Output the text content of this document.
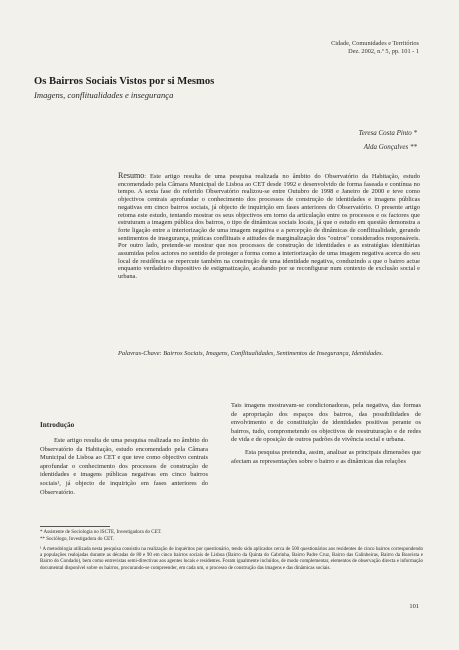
Cidade, Comunidades e Territórios
Dez. 2002, n.º 5, pp. 101 - 1
Os Bairros Sociais Vistos por si Mesmos
Imagens, conflitualidades e insegurança
Teresa Costa Pinto *
Alda Gonçalves **
Resumo: Este artigo resulta de uma pesquisa realizada no âmbito do Observatório da Habitação, estudo encomendado pela Câmara Municipal de Lisboa ao CET desde 1992 e desenvolvido de forma faseada e contínua no tempo. A sexta fase do referido Observatório realizou-se entre Outubro de 1998 e Janeiro de 2000 e teve como objectivos centrais aprofundar o conhecimento dos processos de construção de identidades e imagens públicas negativas em cinco bairros sociais, já objecto de inquirição em fases anteriores do Observatório. O presente artigo retoma este estudo, tentando mostrar os seus objectivos em torno da articulação entre os processos e os factores que estruturam a imagem pública dos bairros, o tipo de dinâmicas sociais locais, já que o estudo em questão demonstra a forte ligação entre a interiorização de uma imagem negativa e a percepção de dinâmicas de conflitualidade, gerando sentimentos de insegurança, práticas conflituais e atitudes de marginalização dos "outros" considerados responsáveis. Por outro lado, pretende-se mostrar que nos processos de construção de identidades e as estratégias identitárias assumidas pelos actores no sentido de proteger a forma como a interiorização de uma imagem negativa acerca do seu local de residência se repercute também na construção de uma identidade negativa, conduzindo a que o bairro actue enquanto verdadeiro dispositivo de estigmatização, acabando por se reconfigurar num contexto de exclusão social e urbana.
Palavras-Chave: Bairros Sociais, Imagens, Conflitualidades, Sentimentos de Insegurança, Identidades.
Introdução

Este artigo resulta de uma pesquisa realizada no âmbito do Observatório da Habitação, estudo encomendado pela Câmara Municipal de Lisboa ao CET e que teve como objectivo centrais aprofundar o conhecimento dos processos de construção de identidades e imagens públicas negativas em cinco bairros sociais¹, já objecto de inquirição em fases anteriores do Observatório.

Tais imagens mostravam-se condicionadoras, pela negativa, das formas de apropriação dos espaços dos bairros, das possibilidades de envolvimento e de constituição de identidades positivas perante os bairros, tudo, comprometendo os objectivos de reestruturação e de redes de vida e de oposição de outros padrões de vivência social e urbana.

Esta pesquisa pretendia, assim, analisar as principais dimensões que afectam as representações sobre o bairro e as dinâmicas das relações

* Assistente de Sociologia no ISCTE, Investigadora do CET.
** Sociólogo, Investigadora do CET.
¹ A metodologia utilizada nesta pesquisa consistiu na realização de inquéritos por questionário, tendo sido aplicados cerca de 500 questionários aos residentes de cinco bairros correspondendo a populações realojadas durante as décadas de 80 e 90 em cinco bairros sociais de Lisboa (Bairro da Quinta do Cabrinha, Bairro Padre Cruz, Bairro das Galinheiras, Bairro da Boavista e Bairro do Condado), bem como entrevistas semi-directivas aos agentes locais e residentes. Foram igualmente incluídos, de modo complementar, elementos de observação directa e informação documental disponível sobre os bairros, procurando-se compreender, em cada um, o processo de construção das imagens e das dinâmicas sociais.
101
